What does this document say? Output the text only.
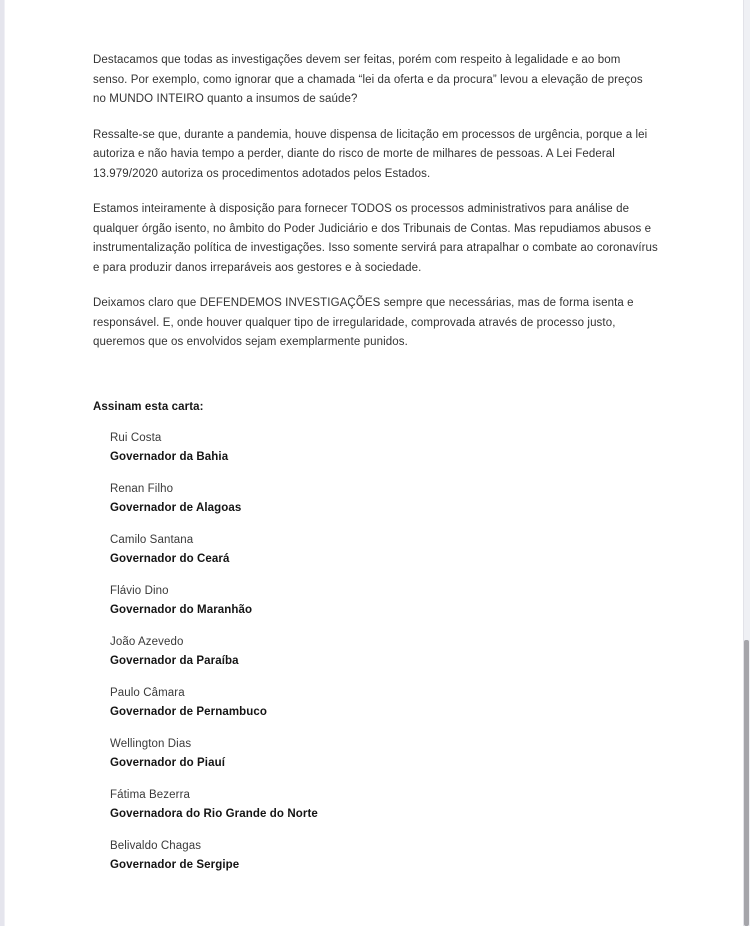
Destacamos que todas as investigações devem ser feitas, porém com respeito à legalidade e ao bom senso. Por exemplo, como ignorar que a chamada “lei da oferta e da procura” levou a elevação de preços no MUNDO INTEIRO quanto a insumos de saúde?

Ressalte-se que, durante a pandemia, houve dispensa de licitação em processos de urgência, porque a lei autoriza e não havia tempo a perder, diante do risco de morte de milhares de pessoas. A Lei Federal 13.979/2020 autoriza os procedimentos adotados pelos Estados.

Estamos inteiramente à disposição para fornecer TODOS os processos administrativos para análise de qualquer órgão isento, no âmbito do Poder Judiciário e dos Tribunais de Contas. Mas repudiamos abusos e instrumentalização política de investigações. Isso somente servirá para atrapalhar o combate ao coronavírus e para produzir danos irreparáveis aos gestores e à sociedade.

Deixamos claro que DEFENDEMOS INVESTIGAÇÕES sempre que necessárias, mas de forma isenta e responsável. E, onde houver qualquer tipo de irregularidade, comprovada através de processo justo, queremos que os envolvidos sejam exemplarmente punidos.

Assinam esta carta:
Rui Costa
Governador da Bahia
Renan Filho
Governador de Alagoas
Camilo Santana
Governador do Ceará
Flávio Dino
Governador do Maranhão
João Azevedo
Governador da Paraíba
Paulo Câmara
Governador de Pernambuco
Wellington Dias
Governador do Piauí
Fátima Bezerra
Governadora do Rio Grande do Norte
Belivaldo Chagas
Governador de Sergipe
